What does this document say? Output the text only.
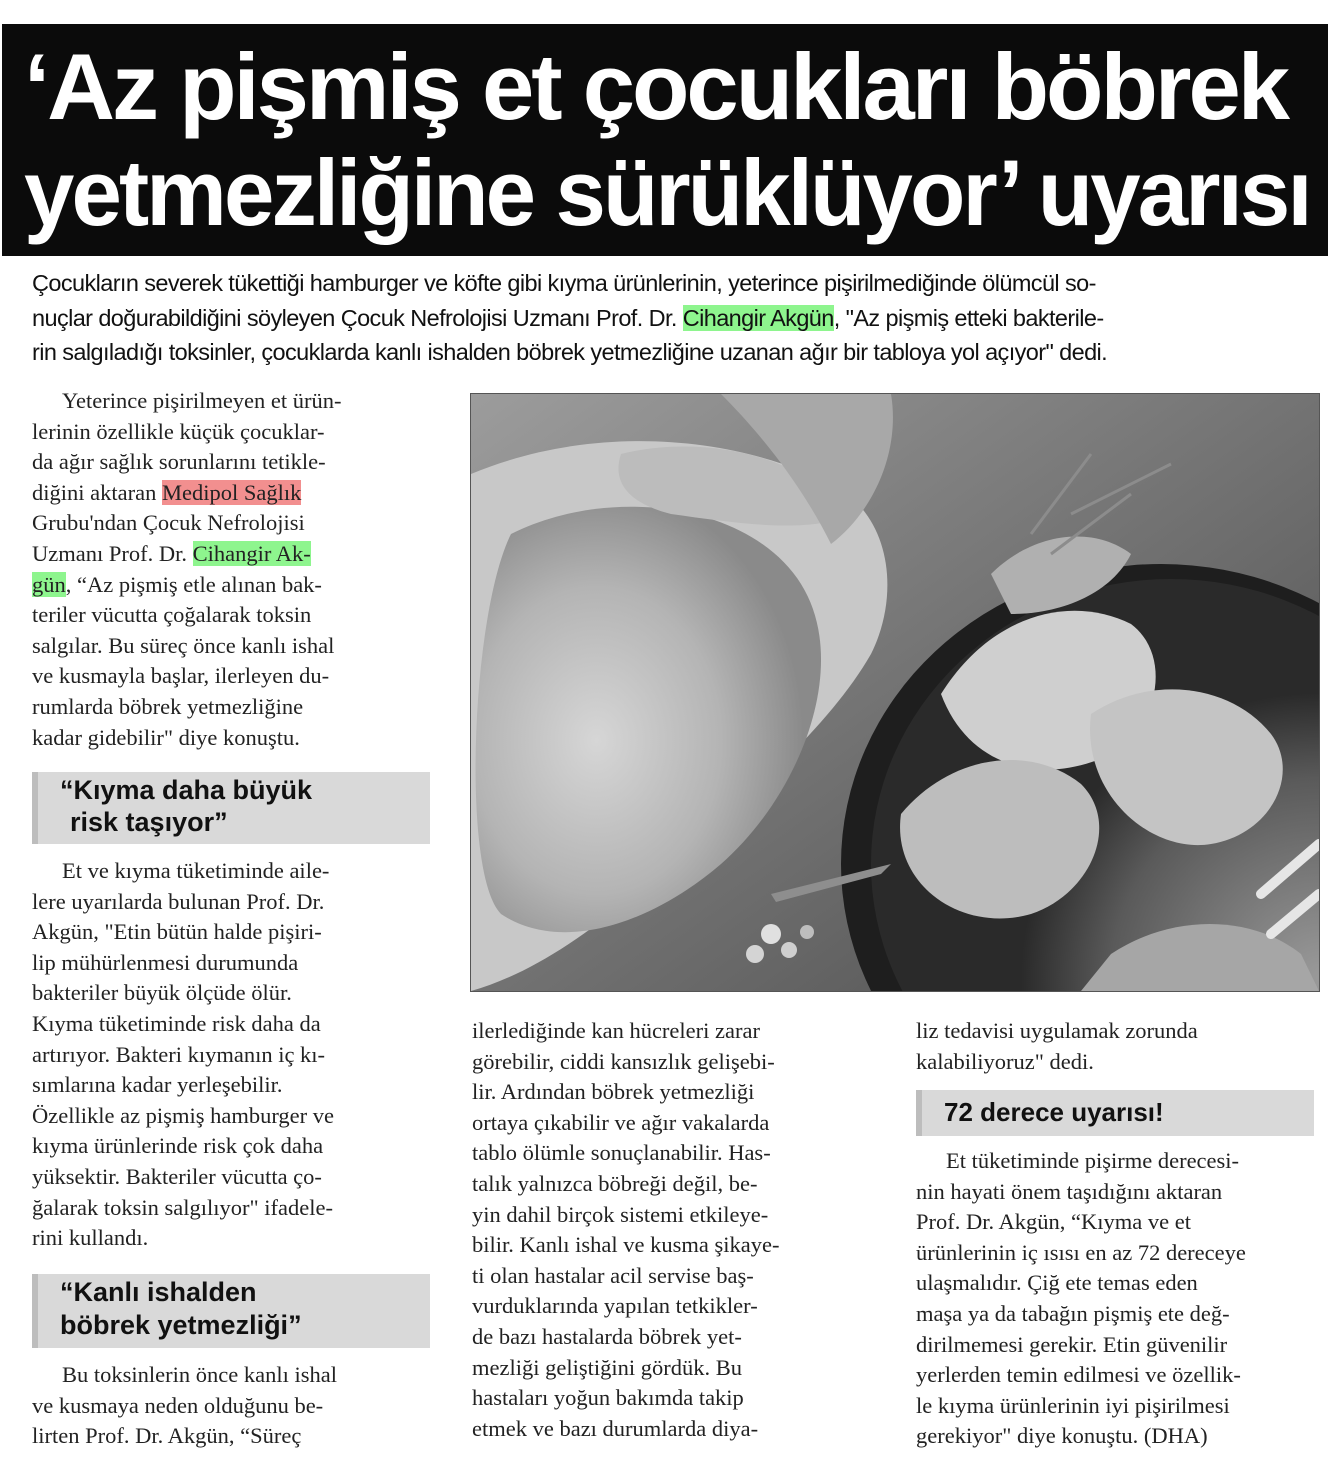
‘Az pişmiş et çocukları böbrek
yetmezliğine sürüklüyor’ uyarısı
Çocukların severek tükettiği hamburger ve köfte gibi kıyma ürünlerinin, yeterince pişirilmediğinde ölümcül so-
nuçlar doğurabildiğini söyleyen Çocuk Nefrolojisi Uzmanı Prof. Dr. Cihangir Akgün, "Az pişmiş etteki bakterile-
rin salgıladığı toksinler, çocuklarda kanlı ishalden böbrek yetmezliğine uzanan ağır bir tabloya yol açıyor" dedi.
Yeterince pişirilmeyen et ürün-
lerinin özellikle küçük çocuklar-
da ağır sağlık sorunlarını tetikle-
diğini aktaran Medipol Sağlık
Grubu'ndan Çocuk Nefrolojisi
Uzmanı Prof. Dr. Cihangir Ak-
gün, “Az pişmiş etle alınan bak-
teriler vücutta çoğalarak toksin
salgılar. Bu süreç önce kanlı ishal
ve kusmayla başlar, ilerleyen du-
rumlarda böbrek yetmezliğine
kadar gidebilir" diye konuştu.
“Kıyma daha büyük
risk taşıyor”
Et ve kıyma tüketiminde aile-
lere uyarılarda bulunan Prof. Dr.
Akgün, "Etin bütün halde pişiri-
lip mühürlenmesi durumunda
bakteriler büyük ölçüde ölür.
Kıyma tüketiminde risk daha da
artırıyor. Bakteri kıymanın iç kı-
sımlarına kadar yerleşebilir.
Özellikle az pişmiş hamburger ve
kıyma ürünlerinde risk çok daha
yüksektir. Bakteriler vücutta ço-
ğalarak toksin salgılıyor" ifadele-
rini kullandı.
“Kanlı ishalden
böbrek yetmezliği”
Bu toksinlerin önce kanlı ishal
ve kusmaya neden olduğunu be-
lirten Prof. Dr. Akgün, “Süreç
ilerlediğinde kan hücreleri zarar
görebilir, ciddi kansızlık gelişebi-
lir. Ardından böbrek yetmezliği
ortaya çıkabilir ve ağır vakalarda
tablo ölümle sonuçlanabilir. Has-
talık yalnızca böbreği değil, be-
yin dahil birçok sistemi etkileye-
bilir. Kanlı ishal ve kusma şikaye-
ti olan hastalar acil servise baş-
vurduklarında yapılan tetkikler-
de bazı hastalarda böbrek yet-
mezliği geliştiğini gördük. Bu
hastaları yoğun bakımda takip
etmek ve bazı durumlarda diya-
liz tedavisi uygulamak zorunda
kalabiliyoruz" dedi.
72 derece uyarısı!
Et tüketiminde pişirme derecesi-
nin hayati önem taşıdığını aktaran
Prof. Dr. Akgün, “Kıyma ve et
ürünlerinin iç ısısı en az 72 dereceye
ulaşmalıdır. Çiğ ete temas eden
maşa ya da tabağın pişmiş ete değ-
dirilmemesi gerekir. Etin güvenilir
yerlerden temin edilmesi ve özellik-
le kıyma ürünlerinin iyi pişirilmesi
gerekiyor" diye konuştu. (DHA)
